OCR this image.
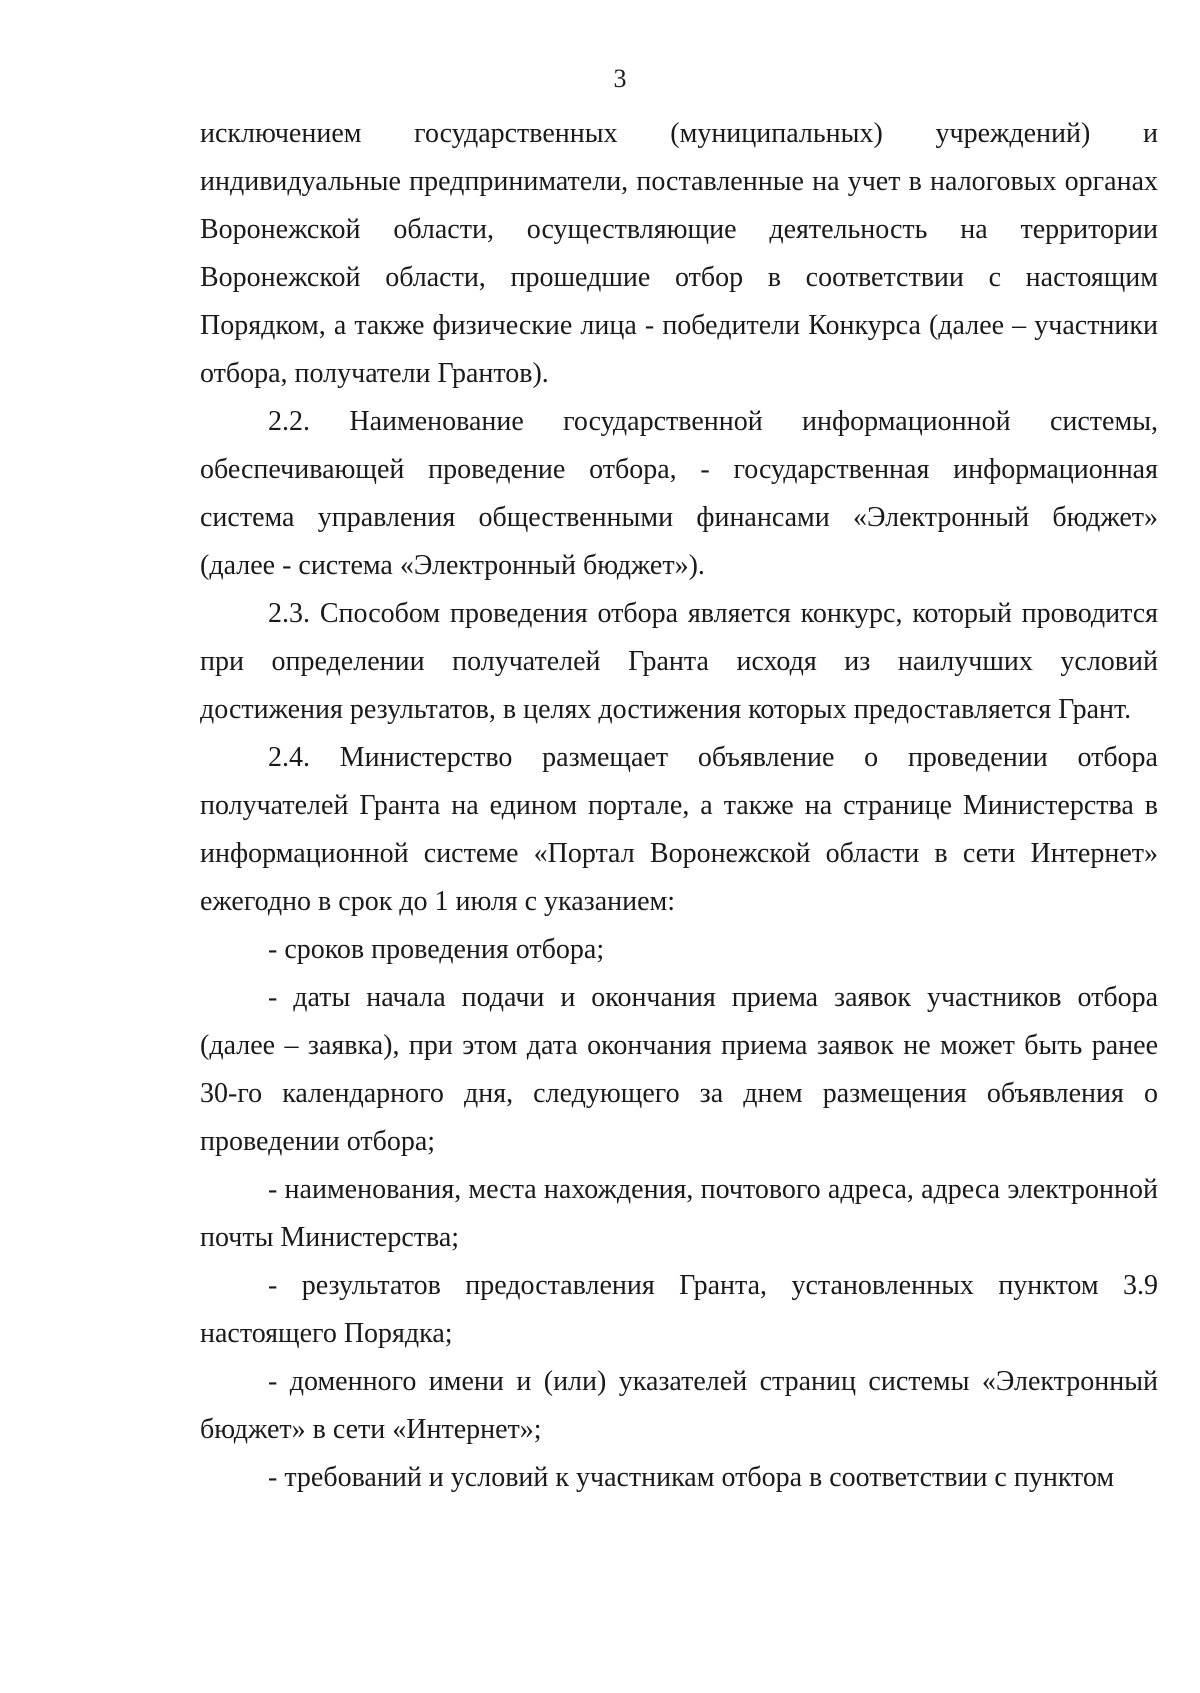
3

исключением государственных (муниципальных) учреждений) и индивидуальные предприниматели, поставленные на учет в налоговых органах Воронежской области, осуществляющие деятельность на территории Воронежской области, прошедшие отбор в соответствии с настоящим Порядком, а также физические лица - победители Конкурса (далее – участники отбора, получатели Грантов).

2.2. Наименование государственной информационной системы, обеспечивающей проведение отбора, - государственная информационная система управления общественными финансами «Электронный бюджет» (далее - система «Электронный бюджет»).

2.3. Способом проведения отбора является конкурс, который проводится при определении получателей Гранта исходя из наилучших условий достижения результатов, в целях достижения которых предоставляется Грант.

2.4. Министерство размещает объявление о проведении отбора получателей Гранта на едином портале, а также на странице Министерства в информационной системе «Портал Воронежской области в сети Интернет» ежегодно в срок до 1 июля с указанием:

- сроков проведения отбора;

- даты начала подачи и окончания приема заявок участников отбора (далее – заявка), при этом дата окончания приема заявок не может быть ранее 30-го календарного дня, следующего за днем размещения объявления о проведении отбора;

- наименования, места нахождения, почтового адреса, адреса электронной почты Министерства;

- результатов предоставления Гранта, установленных пунктом 3.9 настоящего Порядка;

- доменного имени и (или) указателей страниц системы «Электронный бюджет» в сети «Интернет»;

- требований и условий к участникам отбора в соответствии с пунктом
